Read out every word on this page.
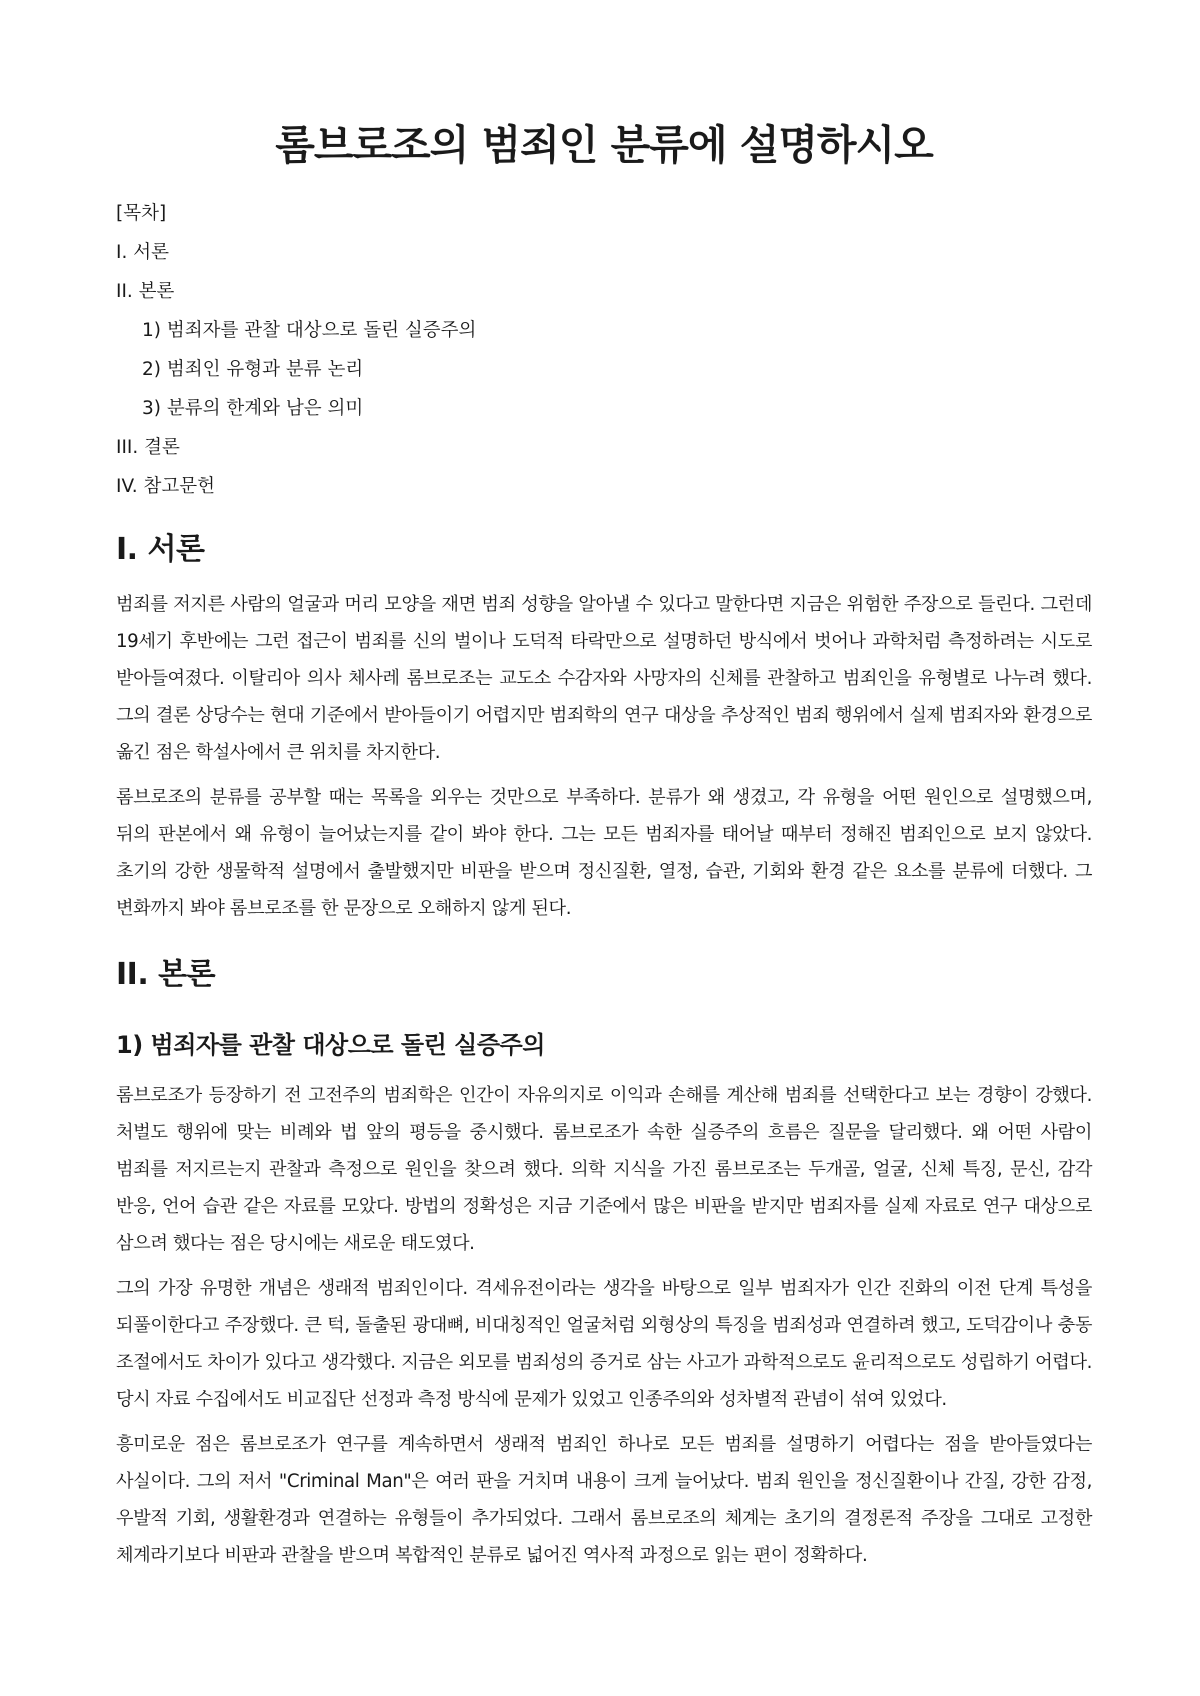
롬브로조의 범죄인 분류에 설명하시오
[목차]
I. 서론
II. 본론
1) 범죄자를 관찰 대상으로 돌린 실증주의
2) 범죄인 유형과 분류 논리
3) 분류의 한계와 남은 의미
III. 결론
IV. 참고문헌
I. 서론

범죄를 저지른 사람의 얼굴과 머리 모양을 재면 범죄 성향을 알아낼 수 있다고 말한다면 지금은 위험한 주장으로 들린다. 그런데 19세기 후반에는 그런 접근이 범죄를 신의 벌이나 도덕적 타락만으로 설명하던 방식에서 벗어나 과학처럼 측정하려는 시도로 받아들여졌다. 이탈리아 의사 체사레 롬브로조는 교도소 수감자와 사망자의 신체를 관찰하고 범죄인을 유형별로 나누려 했다. 그의 결론 상당수는 현대 기준에서 받아들이기 어렵지만 범죄학의 연구 대상을 추상적인 범죄 행위에서 실제 범죄자와 환경으로 옮긴 점은 학설사에서 큰 위치를 차지한다.

롬브로조의 분류를 공부할 때는 목록을 외우는 것만으로 부족하다. 분류가 왜 생겼고, 각 유형을 어떤 원인으로 설명했으며, 뒤의 판본에서 왜 유형이 늘어났는지를 같이 봐야 한다. 그는 모든 범죄자를 태어날 때부터 정해진 범죄인으로 보지 않았다. 초기의 강한 생물학적 설명에서 출발했지만 비판을 받으며 정신질환, 열정, 습관, 기회와 환경 같은 요소를 분류에 더했다. 그 변화까지 봐야 롬브로조를 한 문장으로 오해하지 않게 된다.

II. 본론
1) 범죄자를 관찰 대상으로 돌린 실증주의

롬브로조가 등장하기 전 고전주의 범죄학은 인간이 자유의지로 이익과 손해를 계산해 범죄를 선택한다고 보는 경향이 강했다. 처벌도 행위에 맞는 비례와 법 앞의 평등을 중시했다. 롬브로조가 속한 실증주의 흐름은 질문을 달리했다. 왜 어떤 사람이 범죄를 저지르는지 관찰과 측정으로 원인을 찾으려 했다. 의학 지식을 가진 롬브로조는 두개골, 얼굴, 신체 특징, 문신, 감각 반응, 언어 습관 같은 자료를 모았다. 방법의 정확성은 지금 기준에서 많은 비판을 받지만 범죄자를 실제 자료로 연구 대상으로 삼으려 했다는 점은 당시에는 새로운 태도였다.

그의 가장 유명한 개념은 생래적 범죄인이다. 격세유전이라는 생각을 바탕으로 일부 범죄자가 인간 진화의 이전 단계 특성을 되풀이한다고 주장했다. 큰 턱, 돌출된 광대뼈, 비대칭적인 얼굴처럼 외형상의 특징을 범죄성과 연결하려 했고, 도덕감이나 충동 조절에서도 차이가 있다고 생각했다. 지금은 외모를 범죄성의 증거로 삼는 사고가 과학적으로도 윤리적으로도 성립하기 어렵다. 당시 자료 수집에서도 비교집단 선정과 측정 방식에 문제가 있었고 인종주의와 성차별적 관념이 섞여 있었다.

흥미로운 점은 롬브로조가 연구를 계속하면서 생래적 범죄인 하나로 모든 범죄를 설명하기 어렵다는 점을 받아들였다는 사실이다. 그의 저서 "Criminal Man"은 여러 판을 거치며 내용이 크게 늘어났다. 범죄 원인을 정신질환이나 간질, 강한 감정, 우발적 기회, 생활환경과 연결하는 유형들이 추가되었다. 그래서 롬브로조의 체계는 초기의 결정론적 주장을 그대로 고정한 체계라기보다 비판과 관찰을 받으며 복합적인 분류로 넓어진 역사적 과정으로 읽는 편이 정확하다.
